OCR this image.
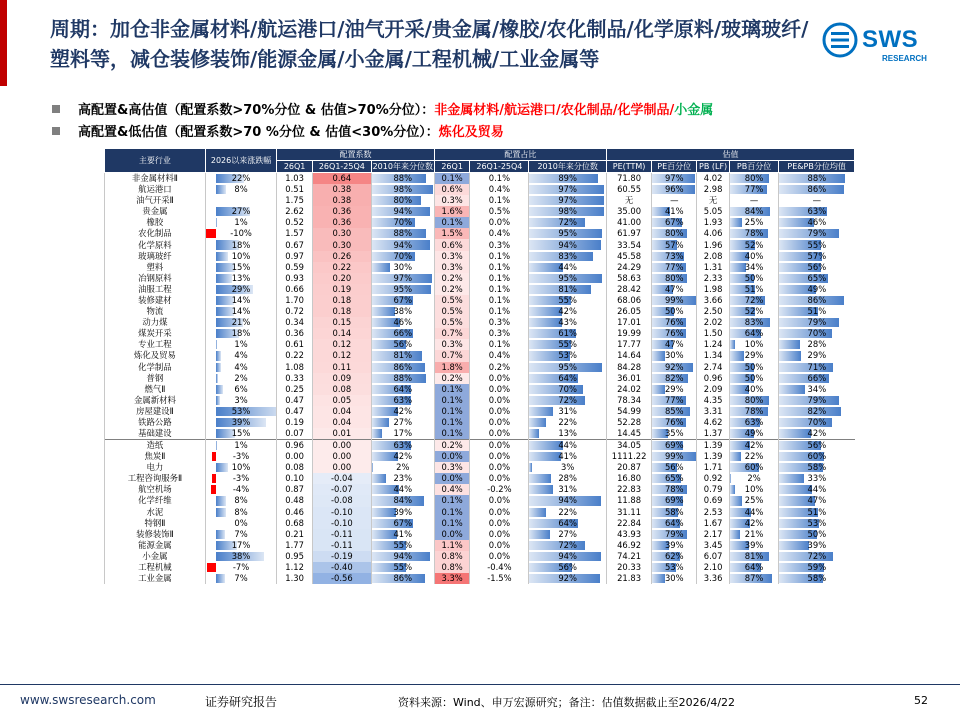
周期：加仓非金属材料/航运港口/油气开采/贵金属/橡胶/农化制品/化学原料/玻璃玻纤/塑料等，减仓装修装饰/能源金属/小金属/工程机械/工业金属等
SWS
RESEARCH
高配置&高估值（配置系数>70%分位 & 估值>70%分位）：非金属材料/航运港口/农化制品/化学制品/小金属
高配置&低估值（配置系数>70 %分位 & 估值<30%分位）：炼化及贸易
主要行业	2026以来涨跌幅	配置系数			配置占比			估值				
		26Q1	26Q1-25Q4	2010年来分位数	26Q1	26Q1-25Q4	2010年来分位数	PE(TTM)	PE百分位	PB (LF)	PB百分位	PE&PB分位均值
非金属材料Ⅱ	22%	1.03	0.64	88%	0.1%	0.1%	89%	71.80	97%	4.02	80%	88%
航运港口	8%	0.51	0.38	98%	0.6%	0.4%	97%	60.55	96%	2.98	77%	86%
油气开采Ⅱ		1.75	0.38	80%	0.3%	0.1%	97%	无	—	无	—	—
贵金属	27%	2.62	0.36	94%	1.6%	0.5%	98%	35.00	41%	5.05	84%	63%
橡胶	1%	0.52	0.36	70%	0.1%	0.0%	72%	41.00	67%	1.93	25%	46%
农化制品	-10%	1.57	0.30	88%	1.5%	0.4%	95%	61.97	80%	4.06	78%	79%
化学原料	18%	0.67	0.30	94%	0.6%	0.3%	94%	33.54	57%	1.96	52%	55%
玻璃玻纤	10%	0.97	0.26	70%	0.3%	0.1%	83%	45.58	73%	2.08	40%	57%
塑料	15%	0.59	0.22	30%	0.3%	0.1%	44%	24.29	77%	1.31	34%	56%
冶钢原料	13%	0.93	0.20	97%	0.2%	0.1%	95%	58.63	80%	2.33	50%	65%
油服工程	29%	0.66	0.19	95%	0.2%	0.1%	81%	28.42	47%	1.98	51%	49%
装修建材	14%	1.70	0.18	67%	0.5%	0.1%	55%	68.06	99%	3.66	72%	86%
物流	14%	0.72	0.18	38%	0.5%	0.1%	42%	26.05	50%	2.50	52%	51%
动力煤	21%	0.34	0.15	46%	0.5%	0.3%	43%	17.01	76%	2.02	83%	79%
煤炭开采	18%	0.36	0.14	66%	0.7%	0.3%	61%	19.99	76%	1.50	64%	70%
专业工程	1%	0.61	0.12	56%	0.3%	0.1%	55%	17.77	47%	1.24	10%	28%
炼化及贸易	4%	0.22	0.12	81%	0.7%	0.4%	53%	14.64	30%	1.34	29%	29%
化学制品	4%	1.08	0.11	86%	1.8%	0.2%	95%	84.28	92%	2.74	50%	71%
普钢	2%	0.33	0.09	88%	0.2%	0.0%	64%	36.01	82%	0.96	50%	66%
燃气Ⅱ	6%	0.25	0.08	64%	0.1%	0.0%	70%	24.02	29%	2.09	40%	34%
金属新材料	3%	0.47	0.05	63%	0.1%	0.0%	72%	78.34	77%	4.35	80%	79%
房屋建设Ⅱ	53%	0.47	0.04	42%	0.1%	0.0%	31%	54.99	85%	3.31	78%	82%
铁路公路	39%	0.19	0.04	27%	0.1%	0.0%	22%	52.28	76%	4.62	63%	70%
基础建设	15%	0.07	0.01	17%	0.1%	0.0%	13%	14.45	35%	1.37	49%	42%
造纸	1%	0.96	0.00	63%	0.2%	0.0%	44%	34.05	69%	1.39	42%	56%
焦炭Ⅱ	-3%	0.00	0.00	42%	0.0%	0.0%	41%	1111.22	99%	1.39	22%	60%
电力	10%	0.08	0.00	2%	0.3%	0.0%	3%	20.87	56%	1.71	60%	58%
工程咨询服务Ⅱ	-3%	0.10	-0.04	23%	0.0%	0.0%	28%	16.80	65%	0.92	2%	33%
航空机场	-4%	0.87	-0.07	44%	0.4%	-0.2%	31%	22.83	78%	0.79	10%	44%
化学纤维	8%	0.48	-0.08	84%	0.1%	0.0%	94%	11.88	69%	0.69	25%	47%
水泥	8%	0.46	-0.10	39%	0.1%	0.0%	22%	31.11	58%	2.53	44%	51%
特钢Ⅱ	0%	0.68	-0.10	67%	0.1%	0.0%	64%	22.84	64%	1.67	42%	53%
装修装饰Ⅱ	7%	0.21	-0.11	41%	0.0%	0.0%	27%	43.93	79%	2.17	21%	50%
能源金属	17%	1.77	-0.11	55%	1.1%	0.0%	72%	46.92	39%	3.45	39%	39%
小金属	38%	0.95	-0.19	94%	0.8%	0.0%	94%	74.21	62%	6.07	81%	72%
工程机械	-7%	1.12	-0.40	55%	0.8%	-0.4%	56%	20.33	53%	2.10	64%	59%
工业金属	7%	1.30	-0.56	86%	3.3%	-1.5%	92%	21.83	30%	3.36	87%	58%
www.swsresearch.com	证券研究报告	资料来源：Wind、申万宏源研究；备注：估值数据截止至2026/4/22	52
